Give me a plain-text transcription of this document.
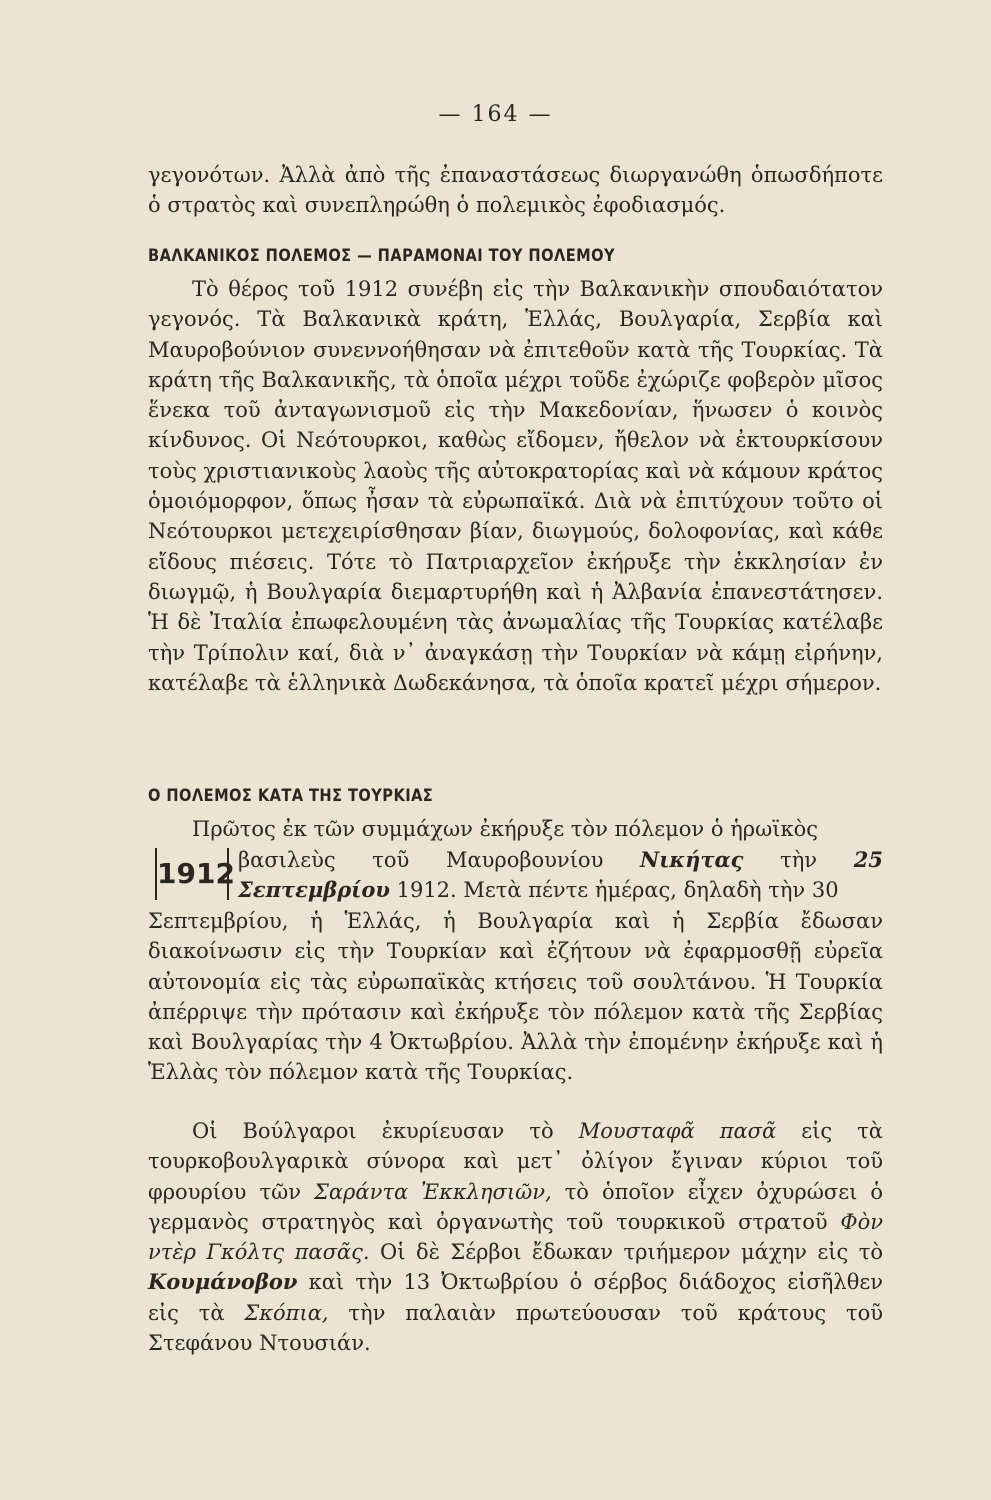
— 164 —
γεγονότων. Ἀλλὰ ἀπὸ τῆς ἐπαναστάσεως διωργανώθη ὁπωσδήποτε ὁ στρατὸς καὶ συνεπληρώθη ὁ πολεμικὸς ἐφοδιασμός.
ΒΑΛΚΑΝΙΚΟΣ ΠΟΛΕΜΟΣ — ΠΑΡΑΜΟΝΑΙ ΤΟΥ ΠΟΛΕΜΟΥ
Τὸ θέρος τοῦ 1912 συνέβη εἰς τὴν Βαλκανικὴν σπουδαιότατον γεγονός. Τὰ Βαλκανικὰ κράτη, Ἑλλάς, Βουλγαρία, Σερβία καὶ Μαυροβούνιον συνεννοήθησαν νὰ ἐπιτεθοῦν κατὰ τῆς Τουρκίας. Τὰ κράτη τῆς Βαλκανικῆς, τὰ ὁποῖα μέχρι τοῦδε ἐχώριζε φοβερὸν μῖσος ἕνεκα τοῦ ἀνταγωνισμοῦ εἰς τὴν Μακεδονίαν, ἥνωσεν ὁ κοινὸς κίνδυνος. Οἱ Νεότουρκοι, καθὼς εἴδομεν, ἤθελον νὰ ἐκτουρκίσουν τοὺς χριστιανικοὺς λαοὺς τῆς αὐτοκρατορίας καὶ νὰ κάμουν κράτος ὁμοιόμορφον, ὅπως ἦσαν τὰ εὐρωπαϊκά. Διὰ νὰ ἐπιτύχουν τοῦτο οἱ Νεότουρκοι μετεχειρίσθησαν βίαν, διωγμούς, δολοφονίας, καὶ κάθε εἴδους πιέσεις. Τότε τὸ Πατριαρχεῖον ἐκήρυξε τὴν ἐκκλησίαν ἐν διωγμῷ, ἡ Βουλγαρία διεμαρτυρήθη καὶ ἡ Ἀλβανία ἐπανεστάτησεν. Ἡ δὲ Ἰταλία ἐπωφελουμένη τὰς ἀνωμαλίας τῆς Τουρκίας κατέλαβε τὴν Τρίπολιν καί, διὰ ν᾽ ἀναγκάσῃ τὴν Τουρκίαν νὰ κάμῃ εἰρήνην, κατέλαβε τὰ ἑλληνικὰ Δωδεκάνησα, τὰ ὁποῖα κρατεῖ μέχρι σήμερον.
Ο ΠΟΛΕΜΟΣ ΚΑΤΑ ΤΗΣ ΤΟΥΡΚΙΑΣ
Πρῶτος ἐκ τῶν συμμάχων ἐκήρυξε τὸν πόλεμον ὁ ἡρωϊκὸς
1912 βασιλεὺς τοῦ Μαυροβουνίου Νικήτας τὴν 25 Σεπτεμβρίου 1912. Μετὰ πέντε ἡμέρας, δηλαδὴ τὴν 30
Σεπτεμβρίου, ἡ Ἑλλάς, ἡ Βουλγαρία καὶ ἡ Σερβία ἔδωσαν διακοίνωσιν εἰς τὴν Τουρκίαν καὶ ἐζήτουν νὰ ἐφαρμοσθῇ εὐρεῖα αὐτονομία εἰς τὰς εὐρωπαϊκὰς κτήσεις τοῦ σουλτάνου. Ἡ Τουρκία ἀπέρριψε τὴν πρότασιν καὶ ἐκήρυξε τὸν πόλεμον κατὰ τῆς Σερβίας καὶ Βουλγαρίας τὴν 4 Ὀκτωβρίου. Ἀλλὰ τὴν ἐπομένην ἐκήρυξε καὶ ἡ Ἑλλὰς τὸν πόλεμον κατὰ τῆς Τουρκίας.
Οἱ Βούλγαροι ἐκυρίευσαν τὸ Μουσταφᾶ πασᾶ εἰς τὰ τουρκοβουλγαρικὰ σύνορα καὶ μετ᾽ ὀλίγον ἔγιναν κύριοι τοῦ φρουρίου τῶν Σαράντα Ἐκκλησιῶν, τὸ ὁποῖον εἶχεν ὀχυρώσει ὁ γερμανὸς στρατηγὸς καὶ ὀργανωτὴς τοῦ τουρκικοῦ στρατοῦ Φὸν ντὲρ Γκόλτς πασᾶς. Οἱ δὲ Σέρβοι ἔδωκαν τριήμερον μάχην εἰς τὸ Κουμάνοβον καὶ τὴν 13 Ὀκτωβρίου ὁ σέρβος διάδοχος εἰσῆλθεν εἰς τὰ Σκόπια, τὴν παλαιὰν πρωτεύουσαν τοῦ κράτους τοῦ Στεφάνου Ντουσιάν.
